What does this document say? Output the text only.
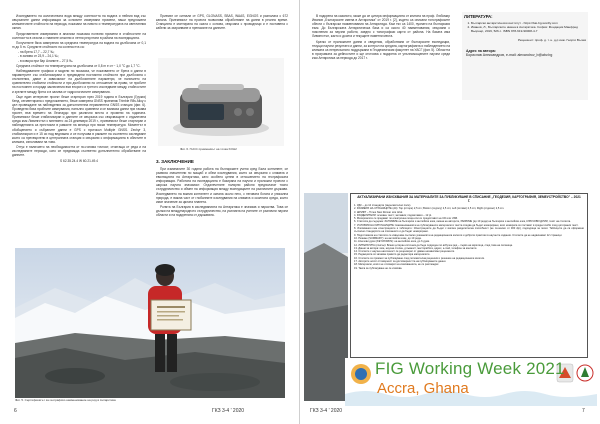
Изследването на количествата вода между солеността на водата и нейния вид със свързаните данни информация за основите измервани промени, наши предложени климатичните стойности на периода, показани на нивото и температурата на светлинния океан.

Представените измервания в анализи показаха полезни промени в стойностите на солеността в сезона с главните сезонни и летни резултати в района на експедицията.

Получените бяха измерения на средната температура на водата на дълбочина от 0,1 m до 5 m. Средните стойности на солеността са:

- на брега 17,7 – 22,7 ‰;
- в залива от 23,9 – 24,1 ‰;
- в извора при бар Аланите – 27,5 ‰.

Средната стойност на температурата на дълбочина от 0,8 m е от − 1,0 °С до 1,7 °С.

Наблюдаваните графики и модели ни показаха, че покачването от брега и данни в параметрите със стабилизирани и предвидени постоянни стойности при дълбочина с отклонения, дават и зависимост на дълбочинните параметри, че наличието на сравнително стабилни стойности и при дълбочинни по отношение на прави, че пробите на постоянен и поради заключения във второто и третото изследване между стойностите и зрелите между брега и в залива от хидрологичните измервания.

Още един интересен проект беше стартиран през 2019 година в България (Грузия) Кенд, сегментирана с предложението, беше измерена GNSS приемник Trimble R8s Alloy с цел провеждане на наблюдения за допълнителна перманентна GNSS станция (фиг. 6). Проведени бяха пробните измервания, напълно сравнени и се взимаха данни при такава пролет, във времето на Леонардо при различни места и промени на годината. Приемникът беше стабилизиран и данните се свързаха със свързващите с отдалечена среда към Ливингстън с мнението за 24 декември 2019 г., приемникът беше стартиран и наблюденията са престояли в рамките на месеца при ниски температури. Моментът в обобщението и събраните данни e GPS с протокол Multiple GNSS. Zechyr 3, стабилизиран и е 15 си над веднажно и се получава в рамките на съответно изследване които са прехвърлени в централната станция и свързани с информацията в обектите в климата, използвани на това.

Оттук е наличието на необходимостта от по-голяма точност, отчитаща от реда и на изследваните периоди, като се предвижда съответно допълнително обработване на данните.

S 62.35.24.4 W 60.21.49.4

Фиг. 5. Сертификатът за географско наименование на рид в Антарктика

Приемат се сигнали от GPS, GLONASS, SBAS, WAAS, EGNOS и разполага с 672 канала. Приемникът на проекта позволява обработване на данни в реално време. Станцията е монтирана на скала с основа, свързана с проводници и е поставена с кабели за захранване и пренасяне на данните.

Фиг. 6. ГНСС приемникът на точка KOH2
3. ЗАКЛЮЧЕНИЕ

При изминалите 30 години работа на българските учени сред Бяла континент, се развиха значителни по мащаб и обем изследвания, които са свързани с климата и еволюцията на Антарктика, като особено ценни в отношението на географската информация. Работата на експедицията е базирана на научни и приложни проекти с широка научна значимост. Отдалечените полярни райони предполагат тясно сътрудничество и обмен на информация между експедициите на различните държави. Изследването на южния континент и океана около него, с неговата богата и уникална природа, е важна част от глобалните изследвания на климата и околната среда, които имат значение за цялата планета.

Ролята на България в изследванията на Антарктика е значима и нараства. Това се дължи на международното сътрудничество, на усилията на учените от различни научни области и на подкрепата от държавата.

6	ГКЗ 3-4 ' 2020

В подкрепа на казаното, може да се цитира информацията от книгата на проф. Любомир Иванов „Българските имена в Антарктика" от 2019 г. [2], където са описани топографските обекти с български наименования на Антарктида. Към тях са 1400, пуснати на българския език. До Българската Антарктическа база и са около 40 наименования, свързани с пояснения за научни работи, заедно с топографски карти от района. На базата има Ливингстън, както и досега и текущите паметни места.

Кратко от приложните данни и сведения, обработвани от българските експедиции, текущи научни резултати и данни, за контрол на средата, картографията и наблюдението на климата са непрекъснато поддържани в Геодезическия факултет на УАСГ (фиг. 5). Областта в програмата за дейностите и ще отстоява с подкрепа от упълномощените научни среди към Антарктика за периода до 2017 г.

ЛИТЕРАТУРА:
1. Български антарктически институт - https://bai-bg.wordly.com
2. Иванов, Л., Българските имена в Антарктика. София: Фондация Манфред Вьорнер, 2019, 526 с. ISBN 978-619-90008-4-7
Рецензент: проф. д. т. н. д-р инж. Георги Вълев
Адрес на авторa:
Борислав Александров, e-mail: alexandrov_b@abv.bg
АКТУАЛИЗИРАНИ ИЗИСКВАНИЯ ЗА МАТЕРИАЛИТЕ ЗА ПУБЛИКУВАНЕ В СПИСАНИЕ „ГЕОДЕЗИЯ, КАРТОГРАФИЯ, ЗЕМЕУСТРОЙСТВО" – 2021 Г.

1. УДК – до 12 стандарта (задължително поле).

2. РАЗМЕРИ НА СТРАНИЦИТЕ (А4): Top (отгоре) 2,5 cm; Bottom (отдолу) 2,5 cm; Left (отляво) 2,5 cm; Right (отдясно) 2,5 cm.

3. ШРИФТ – Times New Roman или Arial.

4. РАЗДЕЛИТЕЛИ: основен текст; заглавия; подзаглавия – 12 pt.

5. Материалите се предават по електронна поща или се предоставят на CD или USB.

6. Статията да съдържа: ЗАГЛАВИЕ на български и английски език, имена на авторите, РЕЗЮМЕ (до 10 реда) на български и английски език, КЛЮЧОВИ ДУМИ, текст на статията.

7. УСЛОВИЯ НА ИЗТОЧНИЦИТЕ: Наименованията на публикуваните материали в текста следва да бъдат номерирани, като номерата се поставят в средни скоби след цитирания текст.

8. Изисквания към илюстрациите и таблиците: Илюстрациите да бъдат с висока разделителна способност (не по-малко от 300 dpi), подходяща за печат. Таблиците да са оформени съгласно стандартите на списанието и да бъдат номерирани.

9. Подготовката на статиите се извършва съгласно указанията на редакционната колегия и добрите практики в научните издания. Статиите да не надвишават 12 страници.

10. Резюме (SUMMARY): на английски език, до 10 реда.

11. Ключови думи (KEYWORDS): на английски език, до 6 думи.

12. ЛИТЕРАТУРА (списък): Всеки цитиран източник да бъде подреден по азбучен ред – първо на кирилица, след това на латиница.

13. Данни за автора: име, научна степен, длъжност, месторабота, адрес, e-mail, телефон за контакти.

14. Статиите с научна насоченост се рецензират от двама независими рецензенти.

15. Редакцията си запазва правото да редактира материалите.

16. Статиите се приемат за публикуване след положителна рецензия и решение на редакционната колегия.

17. Авторите носят отговорност за достоверността на публикуваните данни.

18. Материали, които не отговарят на изискванията, не се разглеждат.

19. Такса за публикуване не се изисква.

FIG Working Week 2021
Accra, Ghana
ГКЗ 3-4 ' 2020	7
